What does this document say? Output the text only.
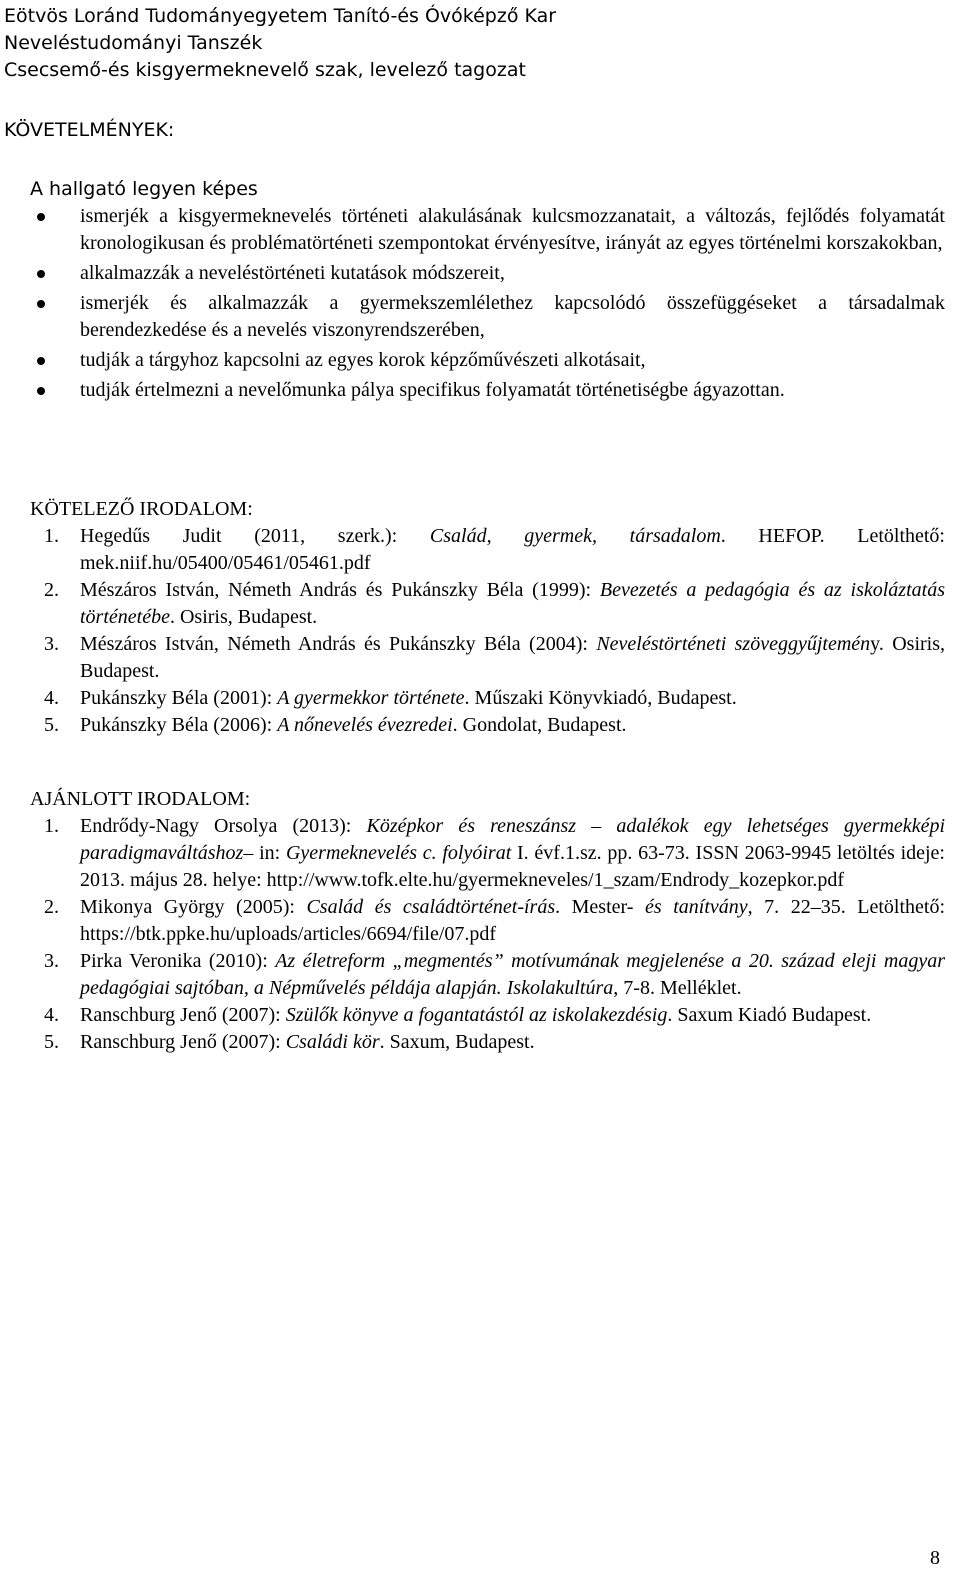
Eötvös Loránd Tudományegyetem Tanító-és Óvóképző Kar
Neveléstudományi Tanszék
Csecsemő-és kisgyermeknevelő szak, levelező tagozat
KÖVETELMÉNYEK:
A hallgató legyen képes
ismerjék a kisgyermeknevelés történeti alakulásának kulcsmozzanatait, a változás, fejlődés folyamatát kronologikusan és problématörténeti szempontokat érvényesítve, irányát az egyes történelmi korszakokban,
alkalmazzák a neveléstörténeti kutatások módszereit,
ismerjék és alkalmazzák a gyermekszemlélethez kapcsolódó összefüggéseket a társadalmak berendezkedése és a nevelés viszonyrendszerében,
tudják a tárgyhoz kapcsolni az egyes korok képzőművészeti alkotásait,
tudják értelmezni a nevelőmunka pálya specifikus folyamatát történetiségbe ágyazottan.
KÖTELEZŐ IRODALOM:
1. Hegedűs Judit (2011, szerk.): Család, gyermek, társadalom. HEFOP. Letölthető: mek.niif.hu/05400/05461/05461.pdf
2. Mészáros István, Németh András és Pukánszky Béla (1999): Bevezetés a pedagógia és az iskoláztatás történetébe. Osiris, Budapest.
3. Mészáros István, Németh András és Pukánszky Béla (2004): Neveléstörténeti szöveggyűjtemény. Osiris, Budapest.
4. Pukánszky Béla (2001): A gyermekkor története. Műszaki Könyvkiadó, Budapest.
5. Pukánszky Béla (2006): A nőnevelés évezredei. Gondolat, Budapest.
AJÁNLOTT IRODALOM:
1. Endrődy-Nagy Orsolya (2013): Középkor és reneszánsz – adalékok egy lehetséges gyermekképi paradigmaváltáshoz– in: Gyermeknevelés c. folyóirat I. évf.1.sz. pp. 63-73. ISSN 2063-9945 letöltés ideje: 2013. május 28. helye: http://www.tofk.elte.hu/gyermekneveles/1_szam/Endrody_kozepkor.pdf
2. Mikonya György (2005): Család és családtörténet-írás. Mester- és tanítvány, 7. 22–35. Letölthető: https://btk.ppke.hu/uploads/articles/6694/file/07.pdf
3. Pirka Veronika (2010): Az életreform „megmentés” motívumának megjelenése a 20. század eleji magyar pedagógiai sajtóban, a Népművelés példája alapján. Iskolakultúra, 7-8. Melléklet.
4. Ranschburg Jenő (2007): Szülők könyve a fogantatástól az iskolakezdésig. Saxum Kiadó Budapest.
5. Ranschburg Jenő (2007): Családi kör. Saxum, Budapest.
8
